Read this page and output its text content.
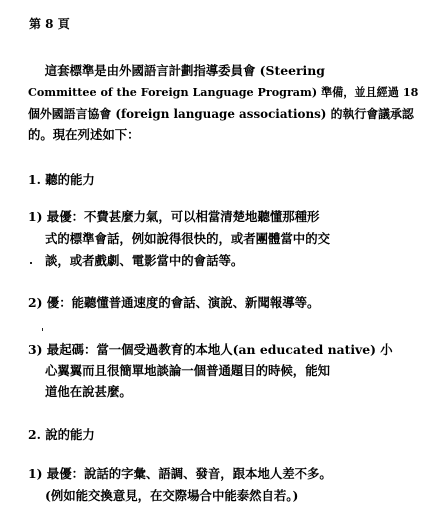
第 8 頁
　 這套標準是由外國語言計劃指導委員會 (Steering
Committee of the Foreign Language Program) 準備，並且經過 18
個外國語言協會 (foreign language associations) 的執行會議承認
的。現在列述如下：
1. 聽的能力
1) 最優：不費甚麼力氣，可以相當清楚地聽懂那種形
式的標準會話，例如說得很快的，或者團體當中的交
談，或者戲劇、電影當中的會話等。
2) 優：能聽懂普通速度的會話、演說、新聞報導等。
3) 最起碼：當一個受過教育的本地人(an educated native) 小
心翼翼而且很簡單地談論一個普通題目的時候，能知
道他在說甚麼。
2. 說的能力
1) 最優：說話的字彙、語調、發音，跟本地人差不多。
(例如能交換意見，在交際場合中能泰然自若。)
